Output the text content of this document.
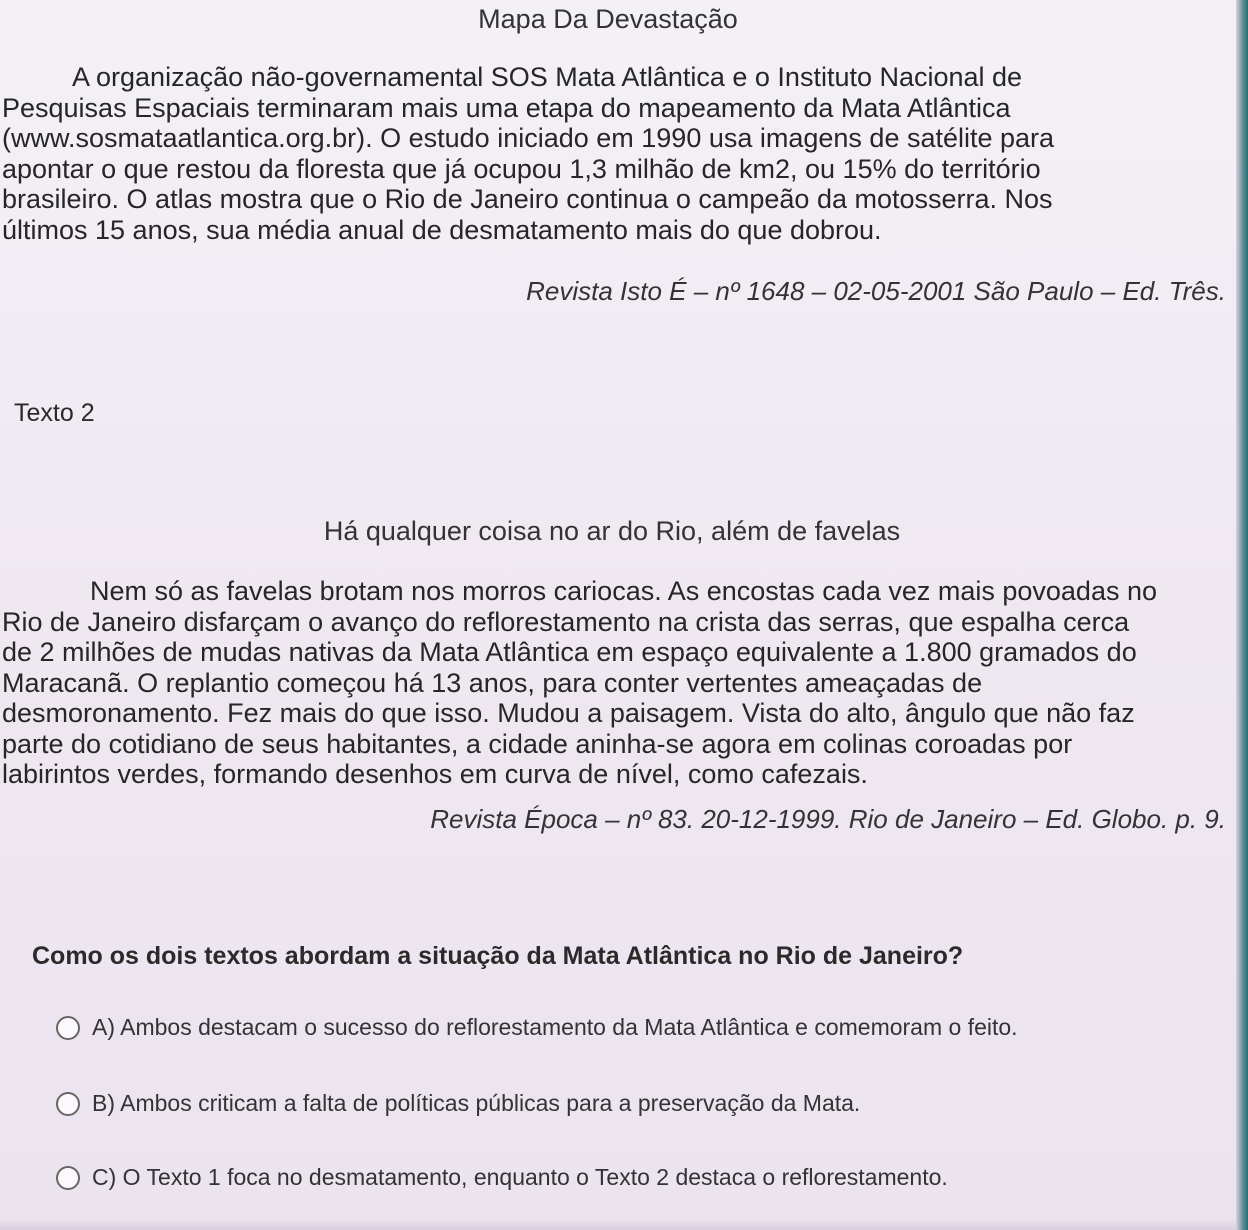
Mapa Da Devastação
A organização não-governamental SOS Mata Atlântica e o Instituto Nacional de
Pesquisas Espaciais terminaram mais uma etapa do mapeamento da Mata Atlântica
(www.sosmataatlantica.org.br). O estudo iniciado em 1990 usa imagens de satélite para
apontar o que restou da floresta que já ocupou 1,3 milhão de km2, ou 15% do território
brasileiro. O atlas mostra que o Rio de Janeiro continua o campeão da motosserra. Nos
últimos 15 anos, sua média anual de desmatamento mais do que dobrou.
Revista Isto É – nº 1648 – 02-05-2001 São Paulo – Ed. Três.
Texto 2
Há qualquer coisa no ar do Rio, além de favelas
Nem só as favelas brotam nos morros cariocas. As encostas cada vez mais povoadas no
Rio de Janeiro disfarçam o avanço do reflorestamento na crista das serras, que espalha cerca
de 2 milhões de mudas nativas da Mata Atlântica em espaço equivalente a 1.800 gramados do
Maracanã. O replantio começou há 13 anos, para conter vertentes ameaçadas de
desmoronamento. Fez mais do que isso. Mudou a paisagem. Vista do alto, ângulo que não faz
parte do cotidiano de seus habitantes, a cidade aninha-se agora em colinas coroadas por
labirintos verdes, formando desenhos em curva de nível, como cafezais.
Revista Época – nº 83. 20-12-1999. Rio de Janeiro – Ed. Globo. p. 9.
Como os dois textos abordam a situação da Mata Atlântica no Rio de Janeiro?
A) Ambos destacam o sucesso do reflorestamento da Mata Atlântica e comemoram o feito.
B) Ambos criticam a falta de políticas públicas para a preservação da Mata.
C) O Texto 1 foca no desmatamento, enquanto o Texto 2 destaca o reflorestamento.
